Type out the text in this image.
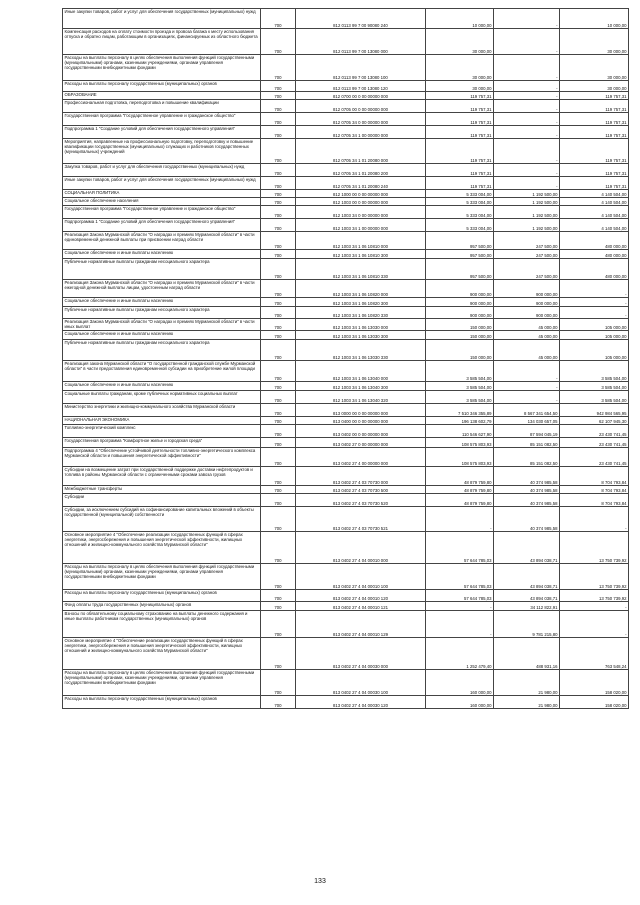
Иные закупки товаров, работ и услуг для обеспечения государственных (муниципальных) нужд	700	812 0113 99 7 00 90080 240	10 000,00	-	10 000,00
Компенсация расходов на оплату стоимости проезда и провоза багажа к месту использования отпуска и обратно лицам, работающим в организациях, финансируемых из областного бюджета	700	812 0113 99 7 00 13080 000	30 000,00	-	30 000,00
Расходы на выплаты персоналу в целях обеспечения выполнения функций государственными (муниципальными) органами, казенными учреждениями, органами управления государственными внебюджетными фондами	700	812 0113 99 7 00 13080 100	30 000,00	-	30 000,00
Расходы на выплаты персоналу государственных (муниципальных) органов	700	812 0113 99 7 00 13080 120	30 000,00	-	30 000,00
ОБРАЗОВАНИЕ	700	812 0700 00 0 00 00000 000	119 757,31	-	119 757,31
Профессиональная подготовка, переподготовка и повышение квалификации	700	812 0705 00 0 00 00000 000	119 757,31	-	119 757,31
Государственная программа "Государственное управление и гражданское общество"	700	812 0705 34 0 00 00000 000	119 757,31	-	119 757,31
Подпрограмма 1 "Создание условий для обеспечения государственного управления"	700	812 0705 34 1 00 00000 000	119 757,31	-	119 757,31
Мероприятия, направленные на профессиональную подготовку, переподготовку и повышение квалификации государственных (муниципальных) служащих и работников государственных (муниципальных) учреждений	700	812 0705 34 1 01 20080 000	119 757,31	-	119 757,31
Закупка товаров, работ и услуг для обеспечения государственных (муниципальных) нужд	700	812 0705 34 1 01 20080 200	119 757,31	-	119 757,31
Иные закупки товаров, работ и услуг для обеспечения государственных (муниципальных) нужд	700	812 0705 34 1 01 20080 240	119 757,31	-	119 757,31
СОЦИАЛЬНАЯ ПОЛИТИКА	700	812 1000 00 0 00 00000 000	5 333 004,00	1 192 500,00	4 140 504,00
Социальное обеспечение населения	700	812 1003 00 0 00 00000 000	5 333 004,00	1 192 500,00	4 140 504,00
Государственная программа "Государственное управление и гражданское общество"	700	812 1003 34 0 00 00000 000	5 333 004,00	1 192 500,00	4 140 504,00
Подпрограмма 1 "Создание условий для обеспечения государственного управления"	700	812 1003 34 1 00 00000 000	5 333 004,00	1 192 500,00	4 140 504,00
Реализация Закона Мурманской области "О наградах и премиях Мурманской области" в части единовременной денежной выплаты при присвоении наград области	700	812 1003 34 1 06 10810 000	957 500,00	247 500,00	480 000,00
Социальное обеспечение и иные выплаты населению	700	812 1003 34 1 06 10810 300	957 500,00	247 500,00	480 000,00
Публичные нормативные выплаты гражданам несоциального характера	700	812 1003 34 1 06 10810 330	957 500,00	247 500,00	480 000,00
Реализация Закона Мурманской области "О наградах и премиях Мурманской области" в части ежегодной денежной выплаты лицам, удостоенным наград области	700	812 1003 34 1 06 10820 000	900 000,00	900 000,00	-
Социальное обеспечение и иные выплаты населению	700	812 1003 34 1 06 10820 300	900 000,00	900 000,00	-
Публичные нормативные выплаты гражданам несоциального характера	700	812 1003 34 1 06 10820 330	900 000,00	900 000,00	-
Реализация Закона Мурманской области "О наградах и премиях Мурманской области" в части иных выплат	700	812 1003 34 1 06 13030 000	150 000,00	45 000,00	105 000,00
Социальное обеспечение и иные выплаты населению	700	812 1003 34 1 06 13030 300	150 000,00	45 000,00	105 000,00
Публичные нормативные выплаты гражданам несоциального характера	700	812 1003 34 1 06 13030 330	150 000,00	45 000,00	105 000,00
Реализация закона Мурманской области "О государственной гражданской службе Мурманской области" в части предоставления единовременной субсидии на приобретение жилой площади	700	812 1003 34 1 06 13040 000	3 585 504,00	-	3 585 504,00
Социальное обеспечение и иные выплаты населению	700	812 1003 34 1 06 13040 300	3 585 504,00	-	3 585 504,00
Социальные выплаты гражданам, кроме публичных нормативных социальных выплат	700	812 1003 34 1 06 13040 320	3 585 504,00	-	3 585 504,00
Министерство энергетики и жилищно-коммунального хозяйства Мурманской области	700	813 0000 00 0 00 00000 000	7 510 346 355,89	8 567 341 654,50	942 984 565,95
НАЦИОНАЛЬНАЯ ЭКОНОМИКА	700	813 0400 00 0 00 00000 000	196 138 602,79	134 030 657,05	62 107 945,30
Топливно-энергетический комплекс	700	813 0402 00 0 00 00000 000	110 546 627,90	87 594 045,19	23 430 741,45
Государственная программа "Комфортное жилье и городская среда"	700	813 0402 27 0 00 00000 000	108 575 803,93	85 151 082,50	23 430 741,45
Подпрограмма 4 "Обеспечение устойчивой деятельности топливно-энергетического комплекса Мурманской области и повышения энергетической эффективности"	700	813 0402 27 4 00 00000 000	108 575 803,93	85 151 082,50	23 430 741,45
Субсидии на возмещение затрат при государственной поддержке доставки нефтепродуктов и топлива в районы Мурманской области с ограниченными сроками завоза грузов	700	813 0402 27 4 03 70730 000	48 879 759,80	40 374 985,58	8 704 793,84
Межбюджетные трансферты	700	813 0402 27 4 03 70730 500	48 879 759,80	40 374 985,58	8 704 793,84
Субсидии	700	813 0402 27 4 03 70730 520	48 879 759,80	40 374 985,58	8 704 793,84
Субсидии, за исключением субсидий на софинансирование капитальных вложений в объекты государственной (муниципальной) собственности	700	813 0402 27 4 03 70730 521	-	40 374 985,58	-
Основное мероприятие 4 "Обеспечение реализации государственных функций в сферах энергетики, энергосбережения и повышения энергетической эффективности, жилищных отношений и жилищно-коммунального хозяйства Мурманской области"	700	813 0402 27 4 04 00010 000	57 644 785,03	43 894 038,71	13 750 739,92
Расходы на выплаты персоналу в целях обеспечения выполнения функций государственными (муниципальными) органами, казенными учреждениями, органами управления государственными внебюджетными фондами	700	813 0402 27 4 04 00010 100	57 644 785,03	43 894 038,71	13 750 739,92
Расходы на выплаты персоналу государственных (муниципальных) органов	700	813 0402 27 4 04 00010 120	57 644 785,03	43 894 038,71	13 750 739,92
Фонд оплаты труда государственных (муниципальных) органов	700	813 0402 27 4 04 00010 121	-	34 112 822,91	-
Взносы по обязательному социальному страхованию на выплаты денежного содержания и иные выплаты работникам государственных (муниципальных) органов	700	813 0402 27 4 04 00010 129	-	9 781 215,80	-
Основное мероприятие 4 "Обеспечение реализации государственных функций в сферах энергетики, энергосбережения и повышения энергетической эффективности, жилищных отношений и жилищно-коммунального хозяйства Мурманской области"	700	813 0402 27 4 04 00030 000	1 252 479,40	488 931,16	763 548,24
Расходы на выплаты персоналу в целях обеспечения выполнения функций государственными (муниципальными) органами, казенными учреждениями, органами управления государственными внебюджетными фондами	700	813 0402 27 4 04 00030 100	160 000,00	21 980,00	158 020,00
Расходы на выплаты персоналу государственных (муниципальных) органов	700	813 0402 27 4 04 00030 120	160 000,00	21 980,00	158 020,00
133
